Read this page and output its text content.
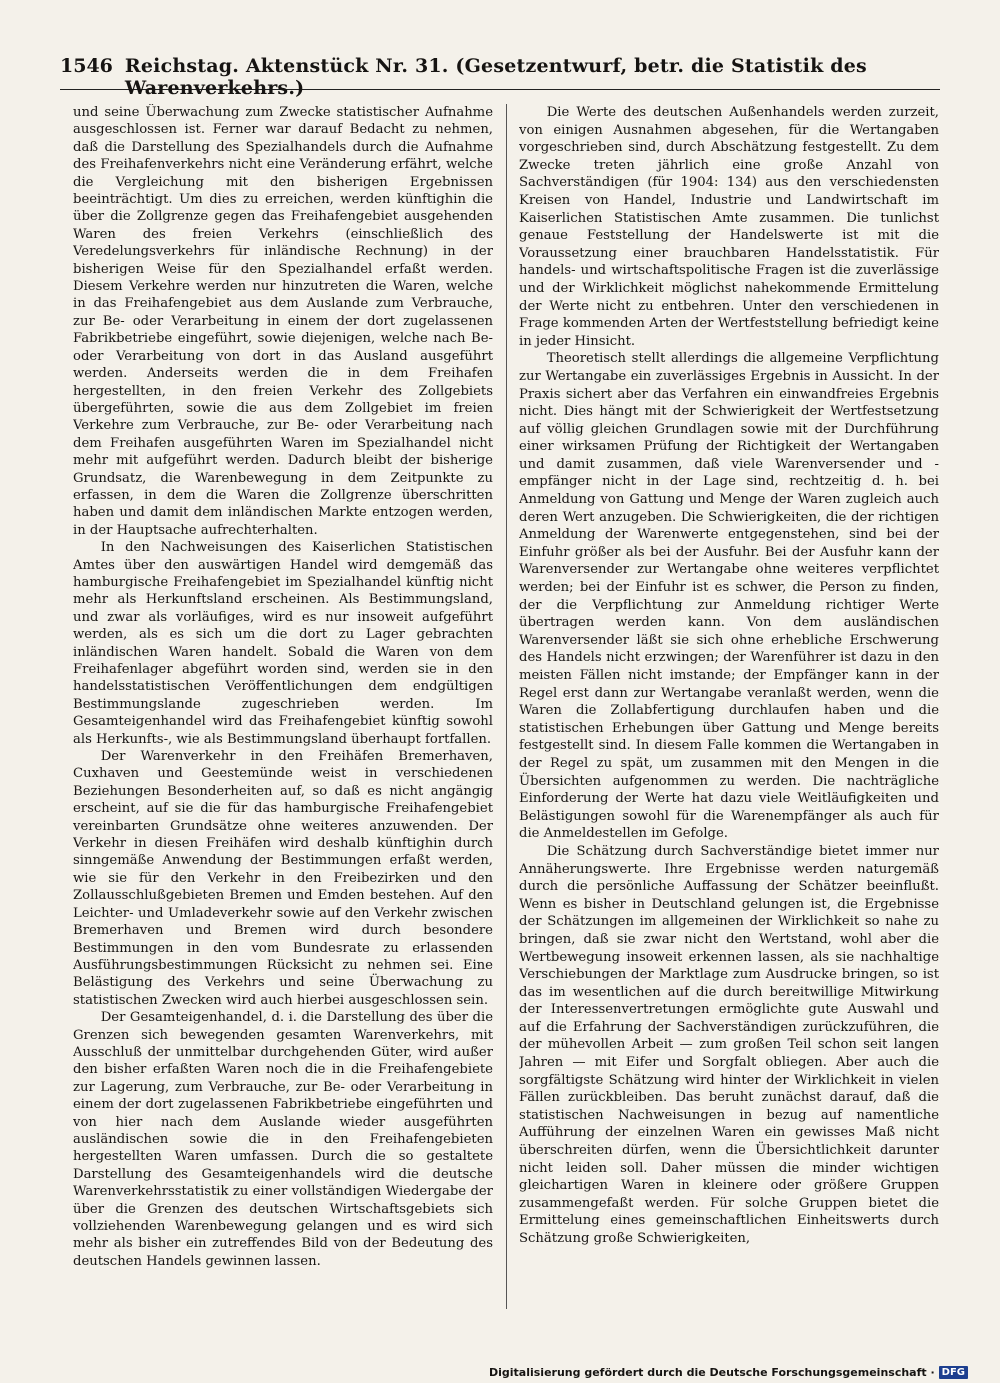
1546 Reichstag. Aktenstück Nr. 31. (Gesetzentwurf, betr. die Statistik des Warenverkehrs.)

und seine Überwachung zum Zwecke statistischer Aufnahme ausgeschlossen ist. Ferner war darauf Bedacht zu nehmen, daß die Darstellung des Spezialhandels durch die Aufnahme des Freihafenverkehrs nicht eine Veränderung erfährt, welche die Vergleichung mit den bisherigen Ergebnissen beeinträchtigt. Um dies zu erreichen, werden künftighin die über die Zollgrenze gegen das Freihafengebiet ausgehenden Waren des freien Verkehrs (einschließlich des Veredelungsverkehrs für inländische Rechnung) in der bisherigen Weise für den Spezialhandel erfaßt werden. Diesem Verkehre werden nur hinzutreten die Waren, welche in das Freihafengebiet aus dem Auslande zum Verbrauche, zur Be- oder Verarbeitung in einem der dort zugelassenen Fabrikbetriebe eingeführt, sowie diejenigen, welche nach Be- oder Verarbeitung von dort in das Ausland ausgeführt werden. Anderseits werden die in dem Freihafen hergestellten, in den freien Verkehr des Zollgebiets übergeführten, sowie die aus dem Zollgebiet im freien Verkehre zum Verbrauche, zur Be- oder Verarbeitung nach dem Freihafen ausgeführten Waren im Spezialhandel nicht mehr mit aufgeführt werden. Dadurch bleibt der bisherige Grundsatz, die Warenbewegung in dem Zeitpunkte zu erfassen, in dem die Waren die Zollgrenze überschritten haben und damit dem inländischen Markte entzogen werden, in der Hauptsache aufrechterhalten.

In den Nachweisungen des Kaiserlichen Statistischen Amtes über den auswärtigen Handel wird demgemäß das hamburgische Freihafengebiet im Spezialhandel künftig nicht mehr als Herkunftsland erscheinen. Als Bestimmungsland, und zwar als vorläufiges, wird es nur insoweit aufgeführt werden, als es sich um die dort zu Lager gebrachten inländischen Waren handelt. Sobald die Waren von dem Freihafenlager abgeführt worden sind, werden sie in den handelsstatistischen Veröffentlichungen dem endgültigen Bestimmungslande zugeschrieben werden. Im Gesamteigenhandel wird das Freihafengebiet künftig sowohl als Herkunfts-, wie als Bestimmungsland überhaupt fortfallen.

Der Warenverkehr in den Freihäfen Bremerhaven, Cuxhaven und Geestemünde weist in verschiedenen Beziehungen Besonderheiten auf, so daß es nicht angängig erscheint, auf sie die für das hamburgische Freihafengebiet vereinbarten Grundsätze ohne weiteres anzuwenden. Der Verkehr in diesen Freihäfen wird deshalb künftighin durch sinngemäße Anwendung der Bestimmungen erfaßt werden, wie sie für den Verkehr in den Freibezirken und den Zollausschlußgebieten Bremen und Emden bestehen. Auf den Leichter- und Umladeverkehr sowie auf den Verkehr zwischen Bremerhaven und Bremen wird durch besondere Bestimmungen in den vom Bundesrate zu erlassenden Ausführungsbestimmungen Rücksicht zu nehmen sei. Eine Belästigung des Verkehrs und seine Überwachung zu statistischen Zwecken wird auch hierbei ausgeschlossen sein.

Der Gesamteigenhandel, d. i. die Darstellung des über die Grenzen sich bewegenden gesamten Warenverkehrs, mit Ausschluß der unmittelbar durchgehenden Güter, wird außer den bisher erfaßten Waren noch die in die Freihafengebiete zur Lagerung, zum Verbrauche, zur Be- oder Verarbeitung in einem der dort zugelassenen Fabrikbetriebe eingeführten und von hier nach dem Auslande wieder ausgeführten ausländischen sowie die in den Freihafengebieten hergestellten Waren umfassen. Durch die so gestaltete Darstellung des Gesamteigenhandels wird die deutsche Warenverkehrsstatistik zu einer vollständigen Wiedergabe der über die Grenzen des deutschen Wirtschaftsgebiets sich vollziehenden Warenbewegung gelangen und es wird sich mehr als bisher ein zutreffendes Bild von der Bedeutung des deutschen Handels gewinnen lassen.

Die Werte des deutschen Außenhandels werden zurzeit, von einigen Ausnahmen abgesehen, für die Wertangaben vorgeschrieben sind, durch Abschätzung festgestellt. Zu dem Zwecke treten jährlich eine große Anzahl von Sachverständigen (für 1904: 134) aus den verschiedensten Kreisen von Handel, Industrie und Landwirtschaft im Kaiserlichen Statistischen Amte zusammen. Die tunlichst genaue Feststellung der Handelswerte ist mit die Voraussetzung einer brauchbaren Handelsstatistik. Für handels- und wirtschaftspolitische Fragen ist die zuverlässige und der Wirklichkeit möglichst nahekommende Ermittelung der Werte nicht zu entbehren. Unter den verschiedenen in Frage kommenden Arten der Wertfeststellung befriedigt keine in jeder Hinsicht.

Theoretisch stellt allerdings die allgemeine Verpflichtung zur Wertangabe ein zuverlässiges Ergebnis in Aussicht. In der Praxis sichert aber das Verfahren ein einwandfreies Ergebnis nicht. Dies hängt mit der Schwierigkeit der Wertfestsetzung auf völlig gleichen Grundlagen sowie mit der Durchführung einer wirksamen Prüfung der Richtigkeit der Wertangaben und damit zusammen, daß viele Warenversender und -empfänger nicht in der Lage sind, rechtzeitig d. h. bei Anmeldung von Gattung und Menge der Waren zugleich auch deren Wert anzugeben. Die Schwierigkeiten, die der richtigen Anmeldung der Warenwerte entgegenstehen, sind bei der Einfuhr größer als bei der Ausfuhr. Bei der Ausfuhr kann der Warenversender zur Wertangabe ohne weiteres verpflichtet werden; bei der Einfuhr ist es schwer, die Person zu finden, der die Verpflichtung zur Anmeldung richtiger Werte übertragen werden kann. Von dem ausländischen Warenversender läßt sie sich ohne erhebliche Erschwerung des Handels nicht erzwingen; der Warenführer ist dazu in den meisten Fällen nicht imstande; der Empfänger kann in der Regel erst dann zur Wertangabe veranlaßt werden, wenn die Waren die Zollabfertigung durchlaufen haben und die statistischen Erhebungen über Gattung und Menge bereits festgestellt sind. In diesem Falle kommen die Wertangaben in der Regel zu spät, um zusammen mit den Mengen in die Übersichten aufgenommen zu werden. Die nachträgliche Einforderung der Werte hat dazu viele Weitläufigkeiten und Belästigungen sowohl für die Warenempfänger als auch für die Anmeldestellen im Gefolge.

Die Schätzung durch Sachverständige bietet immer nur Annäherungswerte. Ihre Ergebnisse werden naturgemäß durch die persönliche Auffassung der Schätzer beeinflußt. Wenn es bisher in Deutschland gelungen ist, die Ergebnisse der Schätzungen im allgemeinen der Wirklichkeit so nahe zu bringen, daß sie zwar nicht den Wertstand, wohl aber die Wertbewegung insoweit erkennen lassen, als sie nachhaltige Verschiebungen der Marktlage zum Ausdrucke bringen, so ist das im wesentlichen auf die durch bereitwillige Mitwirkung der Interessenvertretungen ermöglichte gute Auswahl und auf die Erfahrung der Sachverständigen zurückzuführen, die der mühevollen Arbeit — zum großen Teil schon seit langen Jahren — mit Eifer und Sorgfalt obliegen. Aber auch die sorgfältigste Schätzung wird hinter der Wirklichkeit in vielen Fällen zurückbleiben. Das beruht zunächst darauf, daß die statistischen Nachweisungen in bezug auf namentliche Aufführung der einzelnen Waren ein gewisses Maß nicht überschreiten dürfen, wenn die Übersichtlichkeit darunter nicht leiden soll. Daher müssen die minder wichtigen gleichartigen Waren in kleinere oder größere Gruppen zusammengefaßt werden. Für solche Gruppen bietet die Ermittelung eines gemeinschaftlichen Einheitswerts durch Schätzung große Schwierigkeiten,

Digitalisierung gefördert durch die Deutsche Forschungsgemeinschaft · DFG
